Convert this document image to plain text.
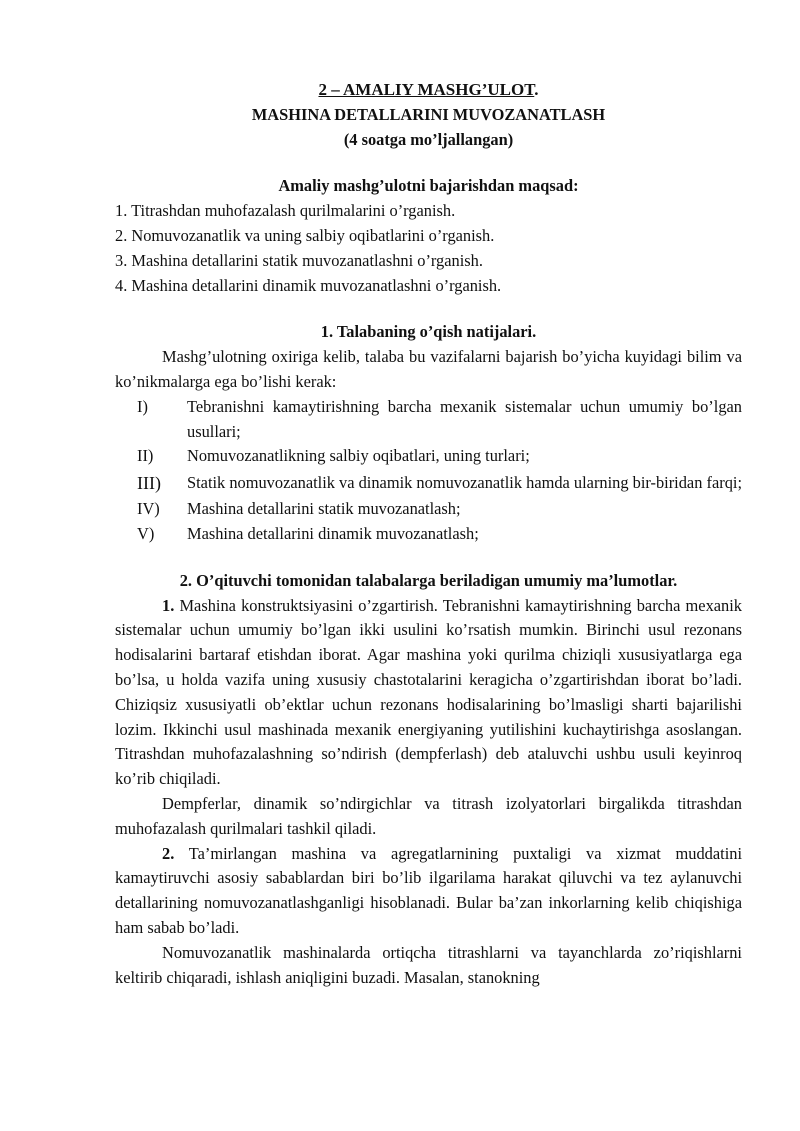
2 – AMALIY MASHG’ULOT.
MASHINA DETALLARINI MUVOZANATLASH
(4 soatga mo’ljallangan)
Amaliy mashg’ulotni bajarishdan maqsad:
1. Titrashdan muhofazalash qurilmalarini o’rganish.
2. Nomuvozanatlik va uning salbiy oqibatlarini o’rganish.
3. Mashina detallarini statik muvozanatlashni o’rganish.
4. Mashina detallarini dinamik muvozanatlashni o’rganish.
1. Talabaning o’qish natijalari.
Mashg’ulotning oxiriga kelib, talaba bu vazifalarni bajarish bo’yicha kuyidagi bilim va ko’nikmalarga ega bo’lishi kerak:
I)	Tebranishni kamaytirishning barcha mexanik sistemalar uchun umumiy bo’lgan usullari;
II)	Nomuvozanatlikning salbiy oqibatlari, uning turlari;
III)	Statik nomuvozanatlik va dinamik nomuvozanatlik hamda ularning bir-biridan farqi;
IV)	Mashina detallarini statik muvozanatlash;
V)	Mashina detallarini dinamik muvozanatlash;
2. O’qituvchi tomonidan talabalarga beriladigan umumiy ma’lumotlar.
1. Mashina konstruktsiyasini o’zgartirish. Tebranishni kamaytirishning barcha mexanik sistemalar uchun umumiy bo’lgan ikki usulini ko’rsatish mumkin. Birinchi usul rezonans hodisalarini bartaraf etishdan iborat. Agar mashina yoki qurilma chiziqli xususiyatlarga ega bo’lsa, u holda vazifa uning xususiy chastotalarini keragicha o’zgartirishdan iborat bo’ladi. Chiziqsiz xususiyatli ob’ektlar uchun rezonans hodisalarining bo’lmasligi sharti bajarilishi lozim. Ikkinchi usul mashinada mexanik energiyaning yutilishini kuchaytirishga asoslangan. Titrashdan muhofazalashning so’ndirish (dempferlash) deb ataluvchi ushbu usuli keyinroq ko’rib chiqiladi.
Dempferlar, dinamik so’ndirgichlar va titrash izolyatorlari birgalikda titrashdan muhofazalash qurilmalari tashkil qiladi.
2. Ta’mirlangan mashina va agregatlarnining puxtaligi va xizmat muddatini kamaytiruvchi asosiy sabablardan biri bo’lib ilgarilama harakat qiluvchi va tez aylanuvchi detallarining nomuvozanatlashganligi hisoblanadi. Bular ba’zan inkorlarning kelib chiqishiga ham sabab bo’ladi.
Nomuvozanatlik mashinalarda ortiqcha titrashlarni va tayanchlarda zo’riqishlarni keltirib chiqaradi, ishlash aniqligini buzadi. Masalan, stanokning
